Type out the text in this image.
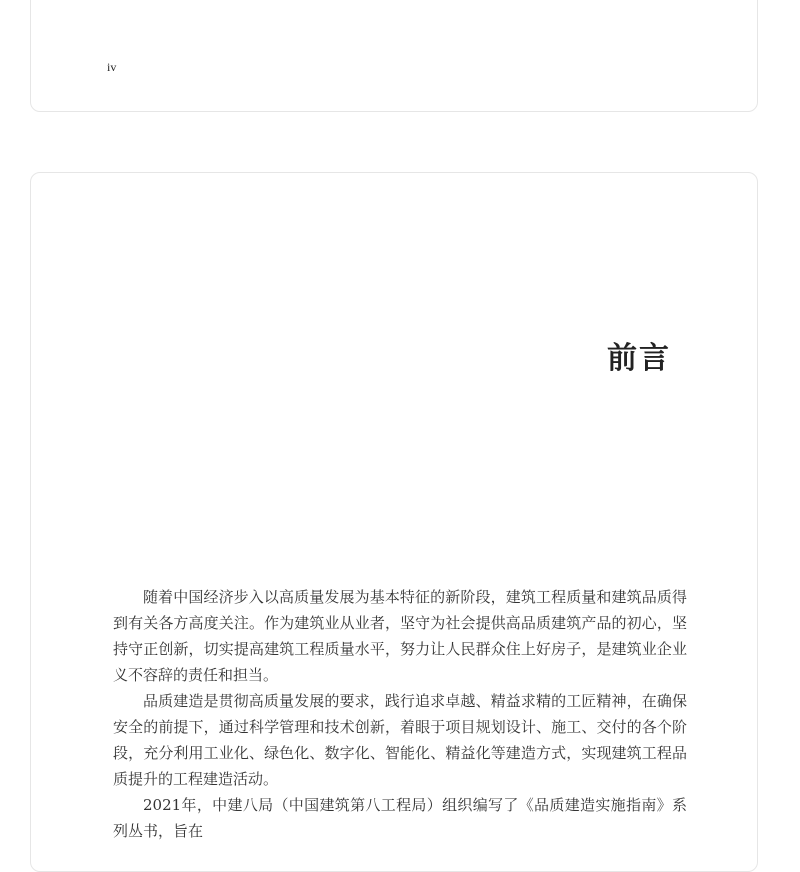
iv

前言

随着中国经济步入以高质量发展为基本特征的新阶段，建筑工程质量和建筑品质得到有关各方高度关注。作为建筑业从业者，坚守为社会提供高品质建筑产品的初心，坚持守正创新，切实提高建筑工程质量水平，努力让人民群众住上好房子，是建筑业企业义不容辞的责任和担当。

品质建造是贯彻高质量发展的要求，践行追求卓越、精益求精的工匠精神，在确保安全的前提下，通过科学管理和技术创新，着眼于项目规划设计、施工、交付的各个阶段，充分利用工业化、绿色化、数字化、智能化、精益化等建造方式，实现建筑工程品质提升的工程建造活动。

2021年，中建八局（中国建筑第八工程局）组织编写了《品质建造实施指南》系列丛书，旨在
